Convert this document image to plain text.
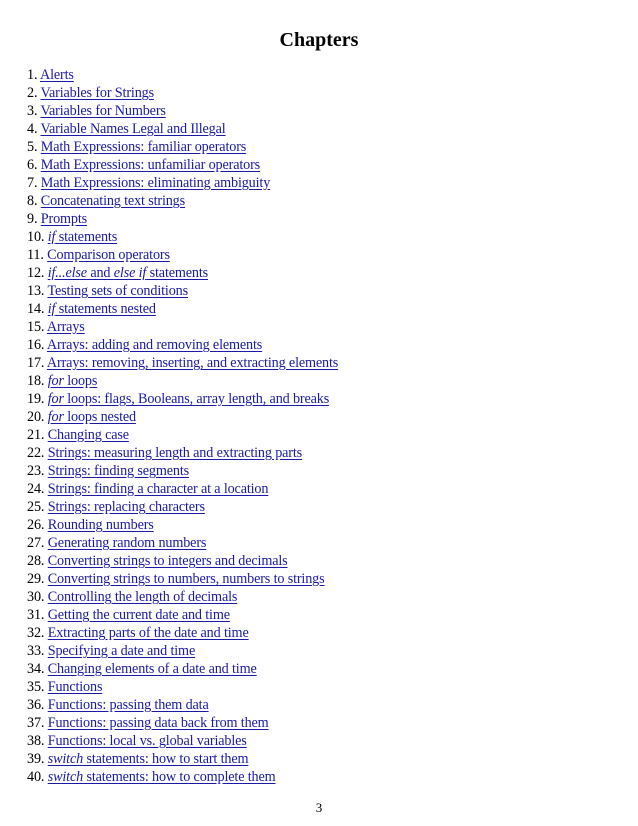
Chapters
1. Alerts
2. Variables for Strings
3. Variables for Numbers
4. Variable Names Legal and Illegal
5. Math Expressions: familiar operators
6. Math Expressions: unfamiliar operators
7. Math Expressions: eliminating ambiguity
8. Concatenating text strings
9. Prompts
10. if statements
11. Comparison operators
12. if...else and else if statements
13. Testing sets of conditions
14. if statements nested
15. Arrays
16. Arrays: adding and removing elements
17. Arrays: removing, inserting, and extracting elements
18. for loops
19. for loops: flags, Booleans, array length, and breaks
20. for loops nested
21. Changing case
22. Strings: measuring length and extracting parts
23. Strings: finding segments
24. Strings: finding a character at a location
25. Strings: replacing characters
26. Rounding numbers
27. Generating random numbers
28. Converting strings to integers and decimals
29. Converting strings to numbers, numbers to strings
30. Controlling the length of decimals
31. Getting the current date and time
32. Extracting parts of the date and time
33. Specifying a date and time
34. Changing elements of a date and time
35. Functions
36. Functions: passing them data
37. Functions: passing data back from them
38. Functions: local vs. global variables
39. switch statements: how to start them
40. switch statements: how to complete them
3
